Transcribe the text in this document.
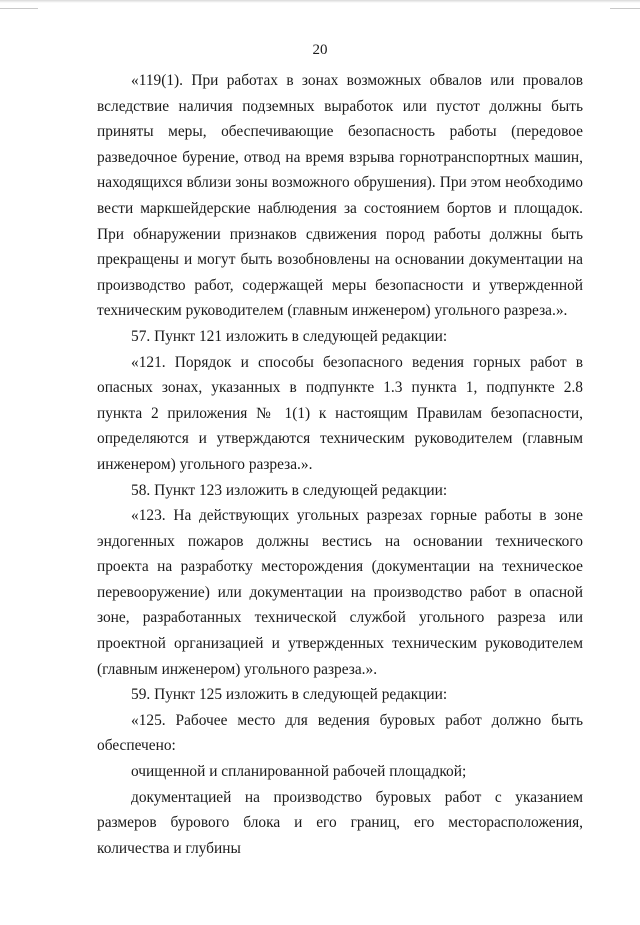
20

«119(1). При работах в зонах возможных обвалов или провалов вследствие наличия подземных выработок или пустот должны быть приняты меры, обеспечивающие безопасность работы (передовое разведочное бурение, отвод на время взрыва горнотранспортных машин, находящихся вблизи зоны возможного обрушения). При этом необходимо вести маркшейдерские наблюдения за состоянием бортов и площадок. При обнаружении признаков сдвижения пород работы должны быть прекращены и могут быть возобновлены на основании документации на производство работ, содержащей меры безопасности и утвержденной техническим руководителем (главным инженером) угольного разреза.».

57. Пункт 121 изложить в следующей редакции:

«121. Порядок и способы безопасного ведения горных работ в опасных зонах, указанных в подпункте 1.3 пункта 1, подпункте 2.8 пункта 2 приложения № 1(1) к настоящим Правилам безопасности, определяются и утверждаются техническим руководителем (главным инженером) угольного разреза.».

58. Пункт 123 изложить в следующей редакции:

«123. На действующих угольных разрезах горные работы в зоне эндогенных пожаров должны вестись на основании технического проекта на разработку месторождения (документации на техническое перевооружение) или документации на производство работ в опасной зоне, разработанных технической службой угольного разреза или проектной организацией и утвержденных техническим руководителем (главным инженером) угольного разреза.».

59. Пункт 125 изложить в следующей редакции:

«125. Рабочее место для ведения буровых работ должно быть обеспечено:

очищенной и спланированной рабочей площадкой;

документацией на производство буровых работ с указанием размеров бурового блока и его границ, его месторасположения, количества и глубины
